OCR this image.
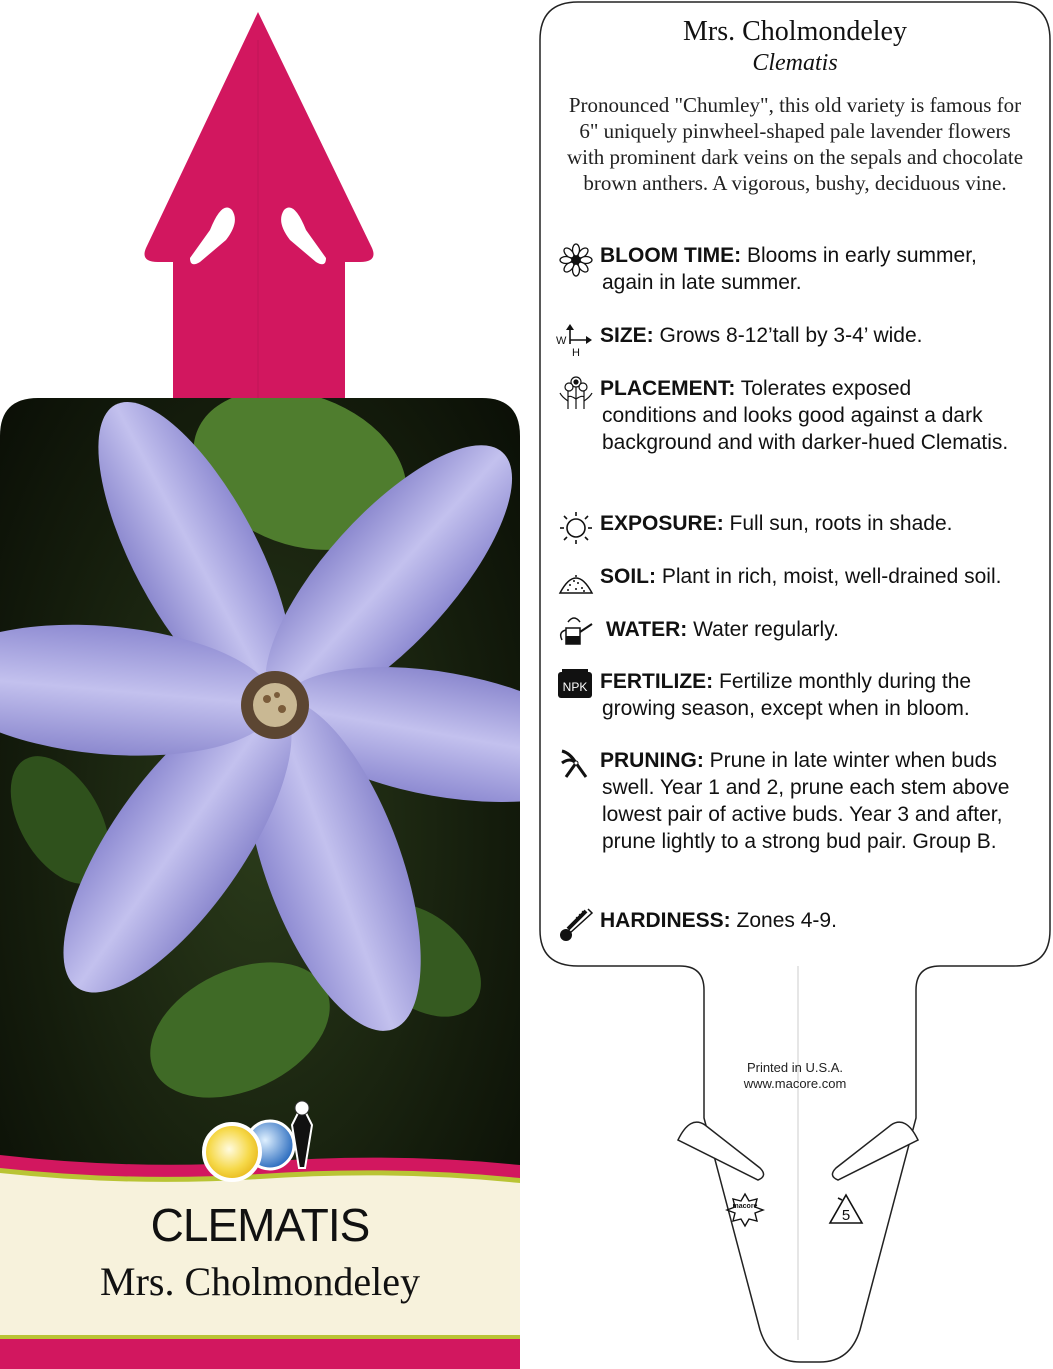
CLEMATIS
Mrs. Cholmondeley
Mrs. Cholmondeley
Clematis
Pronounced "Chumley", this old variety is famous for 6" uniquely pinwheel-shaped pale lavender flowers with prominent dark veins on the sepals and chocolate brown anthers. A vigorous, bushy, deciduous vine.
BLOOM TIME: Blooms in early summer,
again in late summer.
W
H
SIZE: Grows 8-12’tall by 3-4’ wide.
PLACEMENT: Tolerates exposed
conditions and looks good against a dark background and with darker-hued Clematis.
EXPOSURE: Full sun, roots in shade.
SOIL: Plant in rich, moist, well-drained soil.
WATER: Water regularly.
NPK FERTILIZE: Fertilize monthly during the
growing season, except when in bloom.
PRUNING: Prune in late winter when buds
swell. Year 1 and 2, prune each stem above lowest pair of active buds. Year 3 and after, prune lightly to a strong bud pair. Group B.
HARDINESS: Zones 4-9.
Printed in U.S.A.
www.macore.com
macore
5
